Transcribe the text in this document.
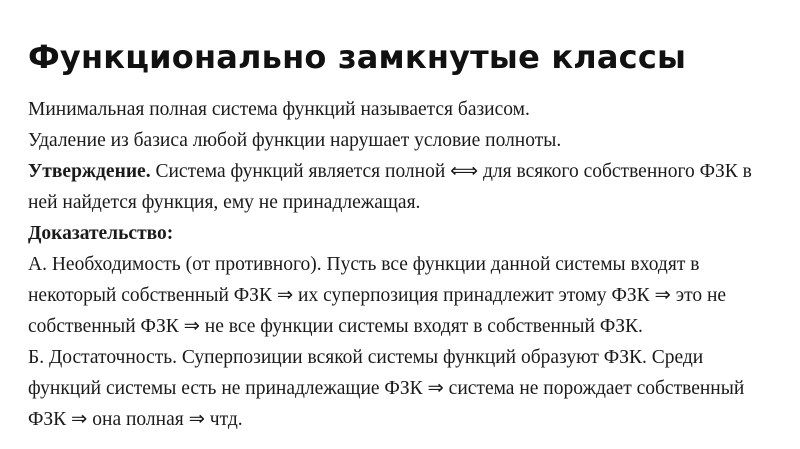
Функционально замкнутые классы
Минимальная полная система функций называется базисом.
Удаление из базиса любой функции нарушает условие полноты.
Утверждение. Система функций является полной ⟺ для всякого собственного ФЗК в
ней найдется функция, ему не принадлежащая.
Доказательство:
А. Необходимость (от противного). Пусть все функции данной системы входят в
некоторый собственный ФЗК ⇒ их суперпозиция принадлежит этому ФЗК ⇒ это не
собственный ФЗК ⇒ не все функции системы входят в собственный ФЗК.
Б. Достаточность. Суперпозиции всякой системы функций образуют ФЗК. Среди
функций системы есть не принадлежащие ФЗК ⇒ система не порождает собственный
ФЗК ⇒ она полная ⇒ чтд.
